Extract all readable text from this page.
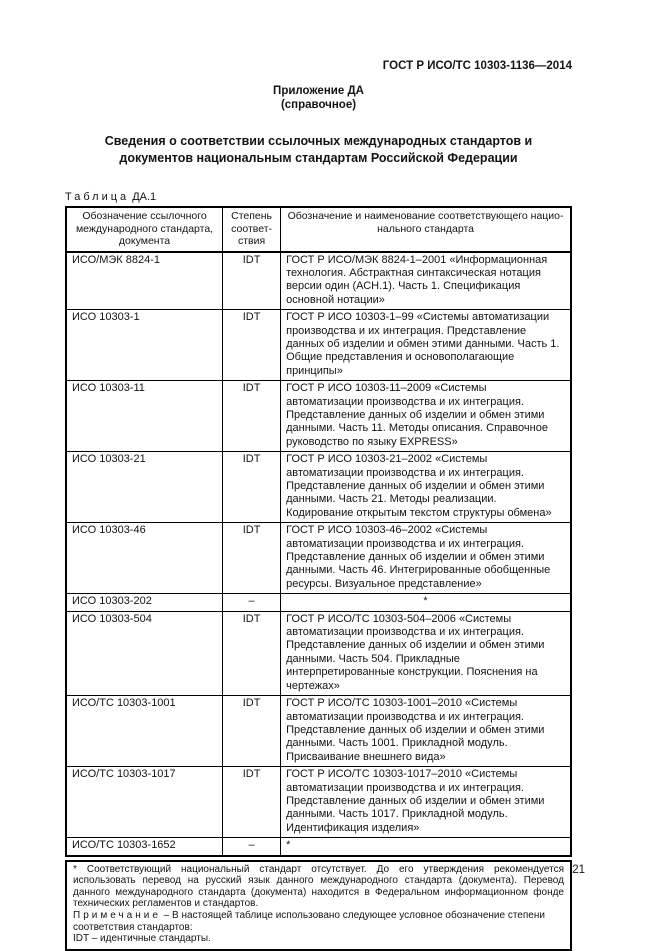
ГОСТ Р ИСО/ТС 10303-1136—2014
Приложение ДА
(справочное)
Сведения о соответствии ссылочных международных стандартов и
документов национальным стандартам Российской Федерации
Таблица ДА.1
Обозначение ссылочного международного стандарта, документа	Степень соответствия	Обозначение и наименование соответствующего национального стандарта
ИСО/МЭК 8824-1	IDT	ГОСТ Р ИСО/МЭК 8824-1–2001 «Информационная технология. Абстрактная синтаксическая нотация версии один (АСН.1). Часть 1. Спецификация основной нотации»
ИСО 10303-1	IDT	ГОСТ Р ИСО 10303-1–99 «Системы автоматизации производства и их интеграция. Представление данных об изделии и обмен этими данными. Часть 1. Общие представления и основополагающие принципы»
ИСО 10303-11	IDT	ГОСТ Р ИСО 10303-11–2009 «Системы автоматизации производства и их интеграция. Представление данных об изделии и обмен этими данными. Часть 11. Методы описания. Справочное руководство по языку EXPRESS»
ИСО 10303-21	IDT	ГОСТ Р ИСО 10303-21–2002 «Системы автоматизации производства и их интеграция. Представление данных об изделии и обмен этими данными. Часть 21. Методы реализации. Кодирование открытым текстом структуры обмена»
ИСО 10303-46	IDT	ГОСТ Р ИСО 10303-46–2002 «Системы автоматизации производства и их интеграция. Представление данных об изделии и обмен этими данными. Часть 46. Интегрированные обобщенные ресурсы. Визуальное представление»
ИСО 10303-202	–	*
ИСО 10303-504	IDT	ГОСТ Р ИСО/ТС 10303-504–2006 «Системы автоматизации производства и их интеграция. Представление данных об изделии и обмен этими данными. Часть 504. Прикладные интерпретированные конструкции. Пояснения на чертежах»
ИСО/ТС 10303-1001	IDT	ГОСТ Р ИСО/ТС 10303-1001–2010 «Системы автоматизации производства и их интеграция. Представление данных об изделии и обмен этими данными. Часть 1001. Прикладной модуль. Присваивание внешнего вида»
ИСО/ТС 10303-1017	IDT	ГОСТ Р ИСО/ТС 10303-1017–2010 «Системы автоматизации производства и их интеграция. Представление данных об изделии и обмен этими данными. Часть 1017. Прикладной модуль. Идентификация изделия»
ИСО/ТС 10303-1652	–	*
* Соответствующий национальный стандарт отсутствует. До его утверждения рекомендуется использовать перевод на русский язык данного международного стандарта (документа). Перевод данного международного стандарта (документа) находится в Федеральном информационном фонде технических регламентов и стандартов.
Примечание – В настоящей таблице использовано следующее условное обозначение степени соответствия стандартов:
IDT – идентичные стандарты.
21
